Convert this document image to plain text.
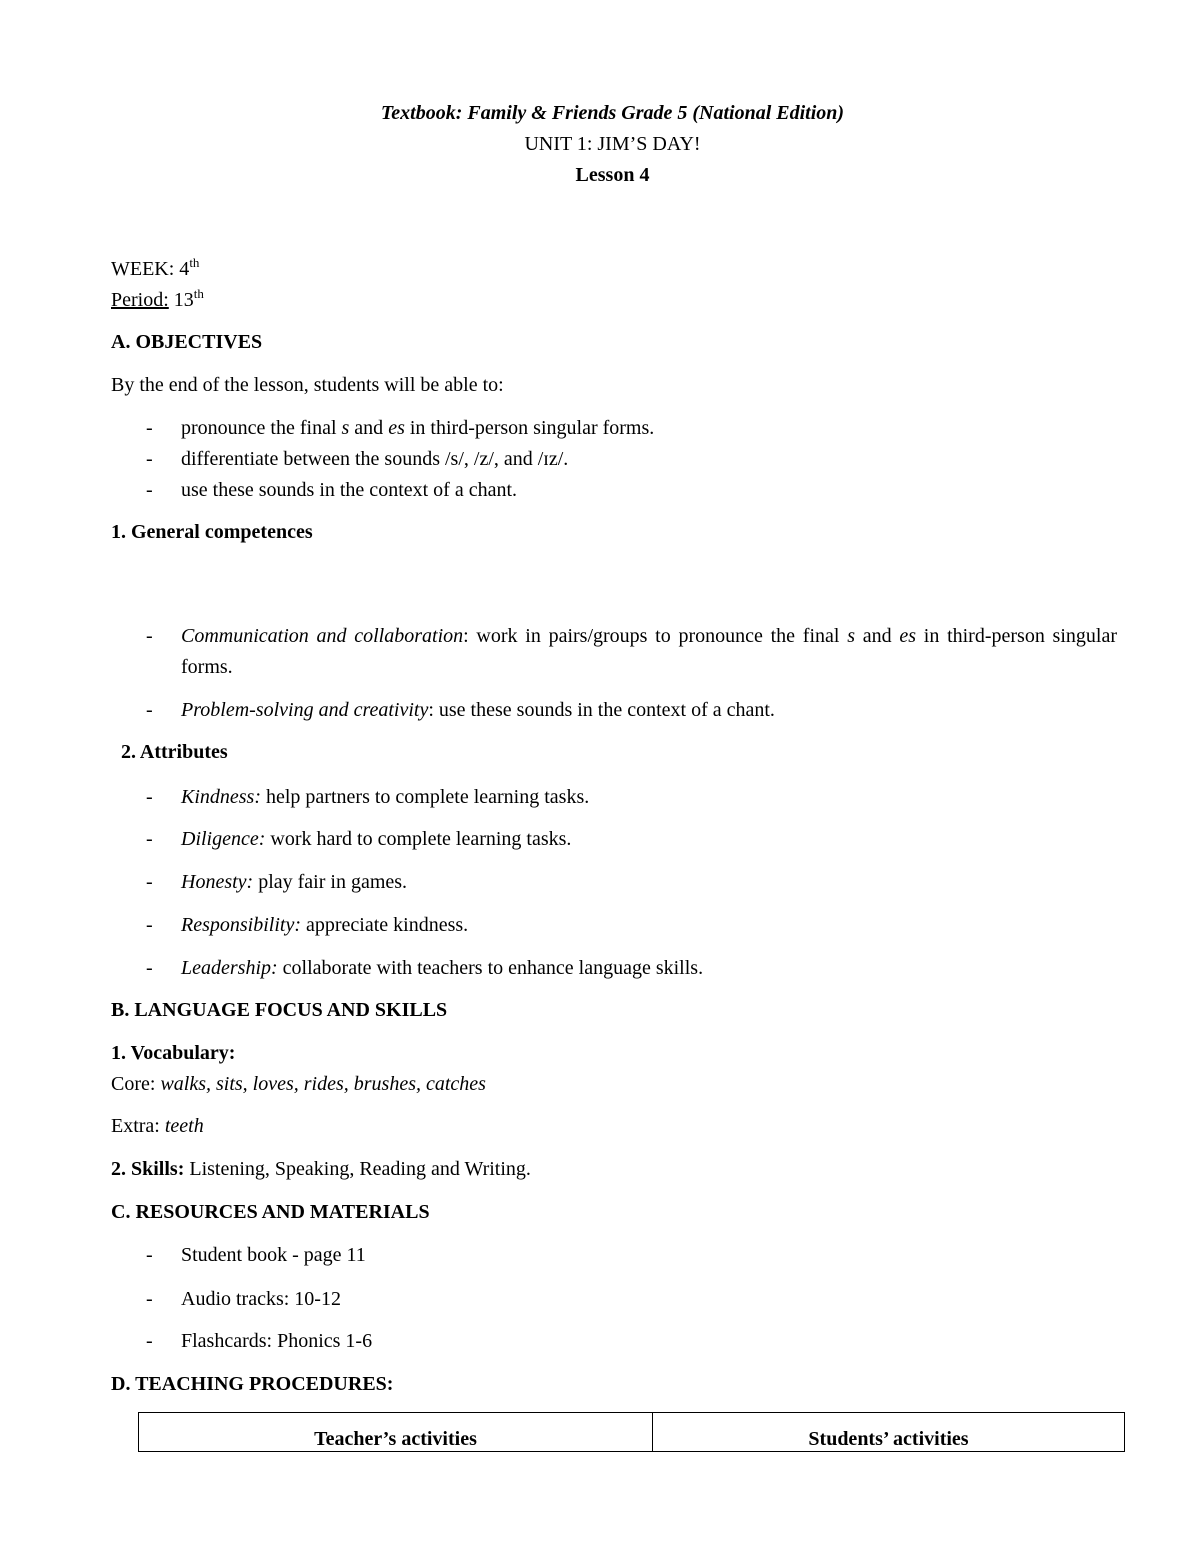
Textbook: Family & Friends Grade 5 (National Edition)
UNIT 1: JIM’S DAY!
Lesson 4
WEEK: 4th
Period: 13th
A. OBJECTIVES
By the end of the lesson, students will be able to:
- pronounce the final s and es in third-person singular forms.
- differentiate between the sounds /s/, /z/, and /ɪz/.
- use these sounds in the context of a chant.
1. General competences
- Communication and collaboration: work in pairs/groups to pronounce the final s and es in third-person singular forms.
- Problem-solving and creativity: use these sounds in the context of a chant.
2. Attributes
- Kindness: help partners to complete learning tasks.
- Diligence: work hard to complete learning tasks.
- Honesty: play fair in games.
- Responsibility: appreciate kindness.
- Leadership: collaborate with teachers to enhance language skills.
B. LANGUAGE FOCUS AND SKILLS
1. Vocabulary:
Core: walks, sits, loves, rides, brushes, catches
Extra: teeth
2. Skills: Listening, Speaking, Reading and Writing.
C. RESOURCES AND MATERIALS
- Student book - page 11
- Audio tracks: 10-12
- Flashcards: Phonics 1-6
D. TEACHING PROCEDURES:
Teacher’s activities	Students’ activities
